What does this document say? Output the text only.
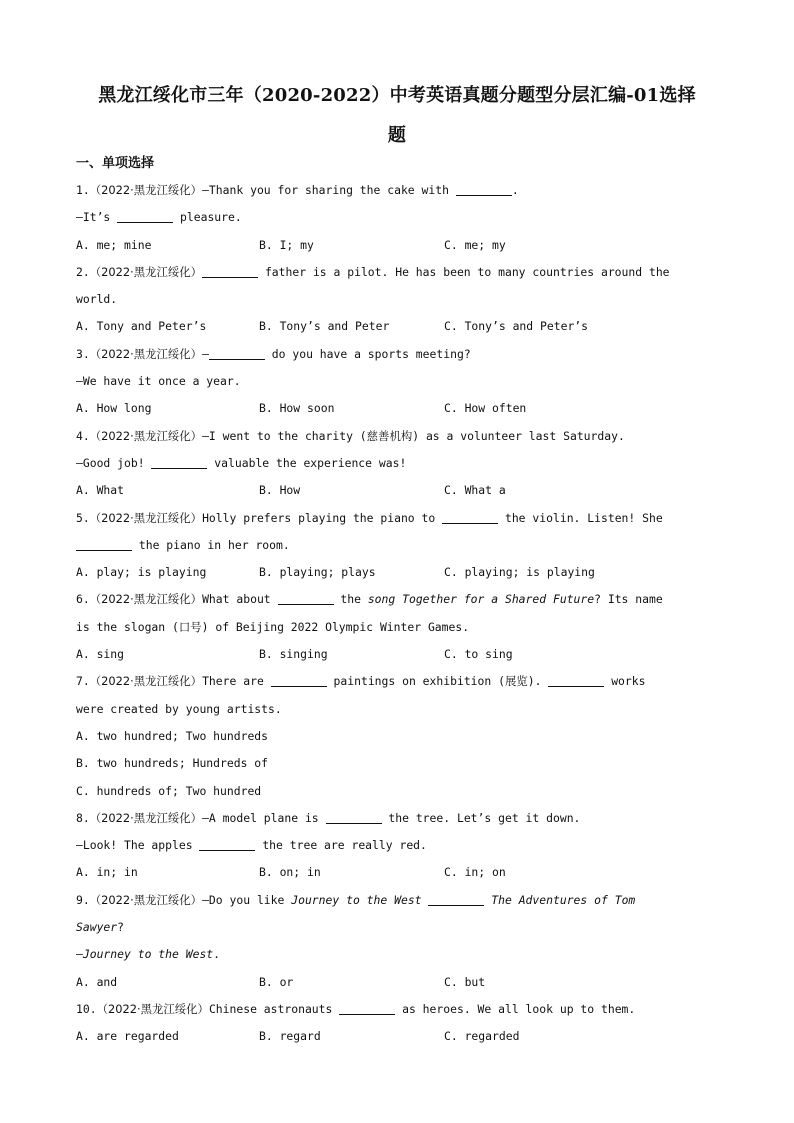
黑龙江绥化市三年（2020-2022）中考英语真题分题型分层汇编-01选择
题
一、单项选择
1.（2022·黑龙江绥化）—Thank you for sharing the cake with	.
—It’s	pleasure.
A. me; mine	B. I; my	C. me; my
2.（2022·黑龙江绥化）	father is a pilot. He has been to many countries around the
world.
A. Tony and Peter’s	B. Tony’s and Peter	C. Tony’s and Peter’s
3.（2022·黑龙江绥化）—	do you have a sports meeting?
—We have it once a year.
A. How long	B. How soon	C. How often
4.（2022·黑龙江绥化）—I went to the charity (慈善机构) as a volunteer last Saturday.
—Good job!	valuable the experience was!
A. What	B. How	C. What a
5.（2022·黑龙江绥化）Holly prefers playing the piano to	the violin. Listen! She
the piano in her room.
A. play; is playing	B. playing; plays	C. playing; is playing
6.（2022·黑龙江绥化）What about	the song Together for a Shared Future? Its name
is the slogan (口号) of Beijing 2022 Olympic Winter Games.
A. sing	B. singing	C. to sing
7.（2022·黑龙江绥化）There are	paintings on exhibition (展览).	works
were created by young artists.
A. two hundred; Two hundreds
B. two hundreds; Hundreds of
C. hundreds of; Two hundred
8.（2022·黑龙江绥化）—A model plane is	the tree. Let’s get it down.
—Look! The apples	the tree are really red.
A. in; in	B. on; in	C. in; on
9.（2022·黑龙江绥化）—Do you like Journey to the West	The Adventures of Tom
Sawyer?
—Journey to the West.
A. and	B. or	C. but
10.（2022·黑龙江绥化）Chinese astronauts	as heroes. We all look up to them.
A. are regarded	B. regard	C. regarded
